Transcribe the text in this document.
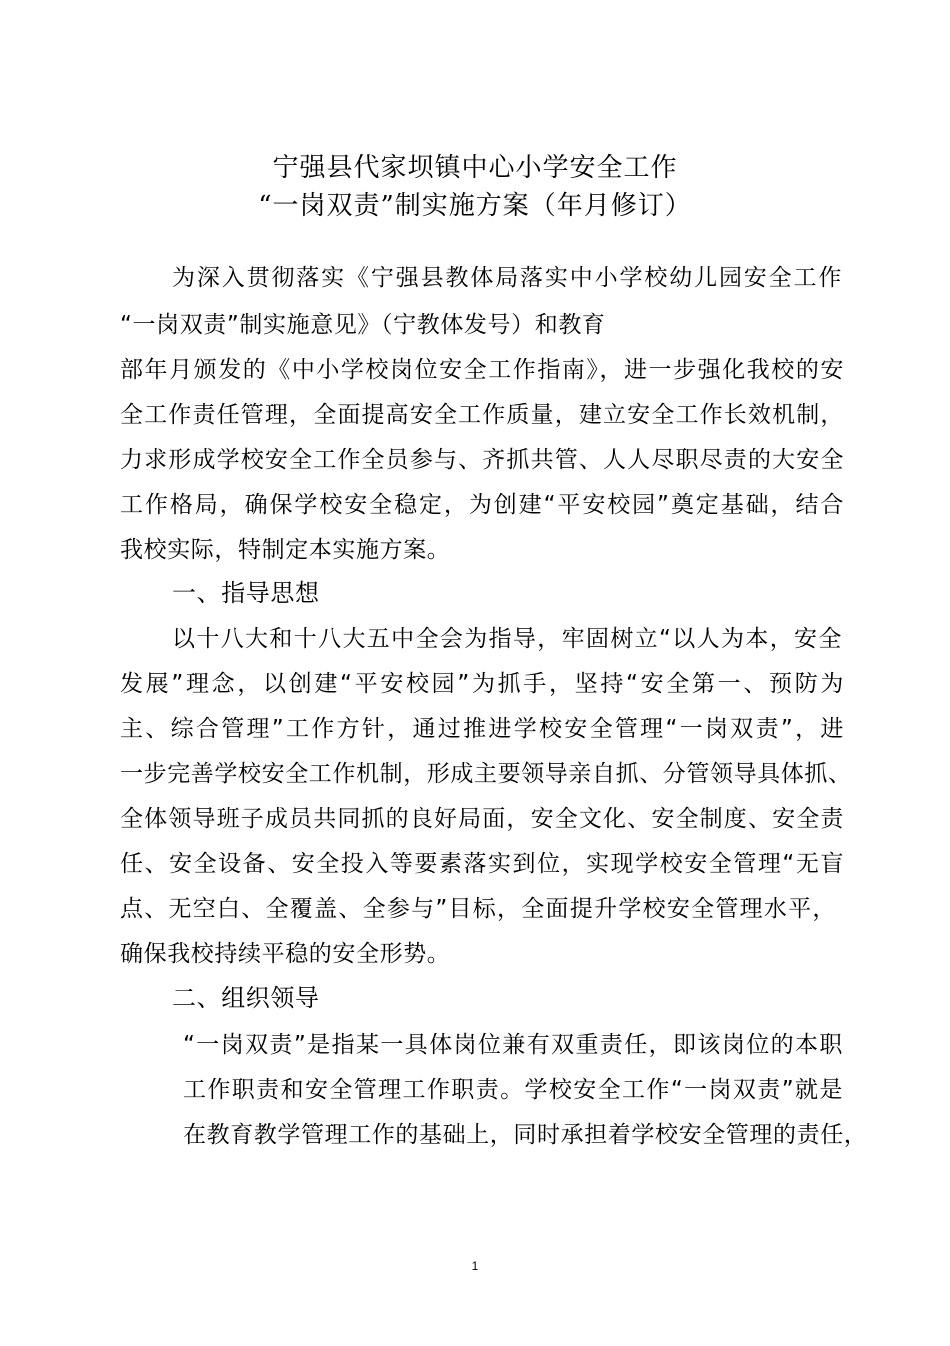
宁强县代家坝镇中心小学安全工作
“一岗双责”制实施方案（年月修订）
为深入贯彻落实《宁强县教体局落实中小学校幼儿园安全工作
“一岗双责”制实施意见》（宁教体发号）和教育
部年月颁发的《中小学校岗位安全工作指南》，进一步强化我校的安
全工作责任管理，全面提高安全工作质量，建立安全工作长效机制，
力求形成学校安全工作全员参与、齐抓共管、人人尽职尽责的大安全
工作格局，确保学校安全稳定，为创建“平安校园”奠定基础，结合
我校实际，特制定本实施方案。
一、指导思想
以十八大和十八大五中全会为指导，牢固树立“以人为本，安全
发展”理念，以创建“平安校园”为抓手，坚持“安全第一、预防为
主、综合管理”工作方针，通过推进学校安全管理“一岗双责”，进
一步完善学校安全工作机制，形成主要领导亲自抓、分管领导具体抓、
全体领导班子成员共同抓的良好局面，安全文化、安全制度、安全责
任、安全设备、安全投入等要素落实到位，实现学校安全管理“无盲
点、无空白、全覆盖、全参与”目标，全面提升学校安全管理水平，
确保我校持续平稳的安全形势。
二、组织领导
“一岗双责”是指某一具体岗位兼有双重责任，即该岗位的本职
工作职责和安全管理工作职责。学校安全工作“一岗双责”就是
在教育教学管理工作的基础上，同时承担着学校安全管理的责任，
1
